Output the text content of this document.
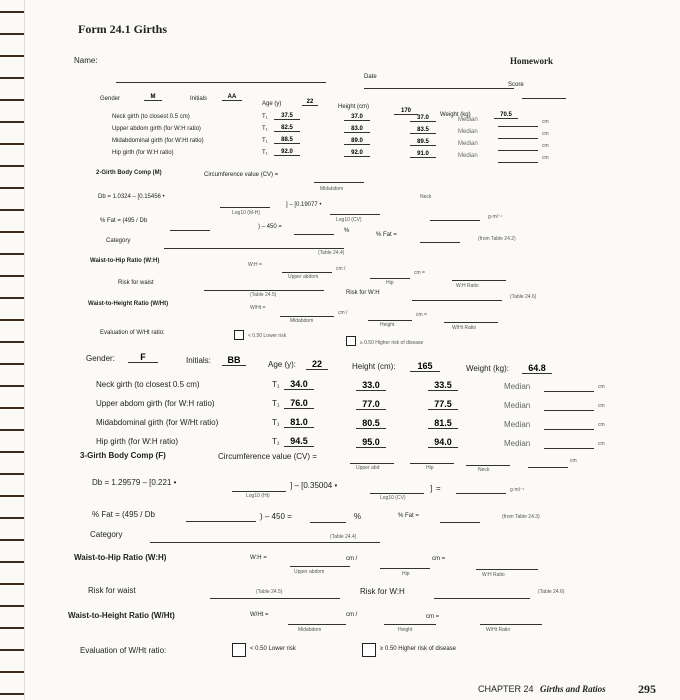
Form 24.1 Girths
Homework
Name:
Date
Score
Gender	M	Initials	AA
Age (y)	22
Height (cm)
170
Weight (kg)	70.5
Neck girth (to closest 0.5 cm)	T₁	37.5	37.0	37.0	Median	cm
Upper abdom girth (for W:H ratio)	T₁	82.5	83.0	83.5	Median	cm
Midabdominal girth (for W:Ht ratio)	T₁	88.5	89.0	89.5	Median	cm
Hip girth (for W:H ratio)	T₁	92.0	92.0	91.0	Median	cm
2-Girth Body Comp (M)	Circumference value (CV) =
Midabdom
Neck
Db = 1.0324 – [0.15456 •
Log10 (M-H)
] – [0.19077 •
Log10 (CV)	g·ml⁻¹
% Fat = (495 / Db
) – 450 =
%
% Fat =
(from Table 24.2)
Category
(Table 24.4)
Waist-to-Hip Ratio (W:H)
W:H =
Upper abdom
cm /
Hip
cm =
W:H Ratio
Risk for waist
(Table 24.5)	Risk for W:H
(Table 24.6)
Waist-to-Height Ratio (W/Ht)
W/Ht =
Midabdom
cm /
Height
cm =
W/Ht Ratio
Evaluation of W/Ht ratio:	< 0.50 Lower risk
≥ 0.50 Higher risk of disease
Gender:	F	Initials:	BB	Age (y):	22	Height (cm):	165	Weight (kg):	64.8
Neck girth (to closest 0.5 cm)	T₁	34.0	33.0	33.5	Median	cm
Upper abdom girth (for W:H ratio)	T₁	76.0	77.0	77.5	Median	cm
Midabdominal girth (for W/Ht ratio)	T₁	81.0	80.5	81.5	Median	cm
Hip girth (for W:H ratio)	T₁	94.5	95.0	94.0	Median	cm
3-Girth Body Comp (F)	Circumference value (CV) =
Upper abd	Hip	Neck
cm
Db = 1.29579 – [0.221 •
Log10 (Ht)
] – [0.35004 •
Log10 (CV)
] =	g·ml⁻¹
% Fat = (495 / Db	) – 450 =	%	% Fat =	(from Table 24.3)
Category	(Table 24.4)
Waist-to-Hip Ratio (W:H)	W:H =
Upper abdom
cm /
Hip
cm =
W:H Ratio
Risk for waist	(Table 24.5)	Risk for W:H	(Table 24.6)
Waist-to-Height Ratio (W/Ht)	W/Ht =
Midabdom
cm /
Height
cm =
W/Ht Ratio
Evaluation of W/Ht ratio:	< 0.50 Lower risk	≥ 0.50 Higher risk of disease
CHAPTER 24 Girths and Ratios	295
